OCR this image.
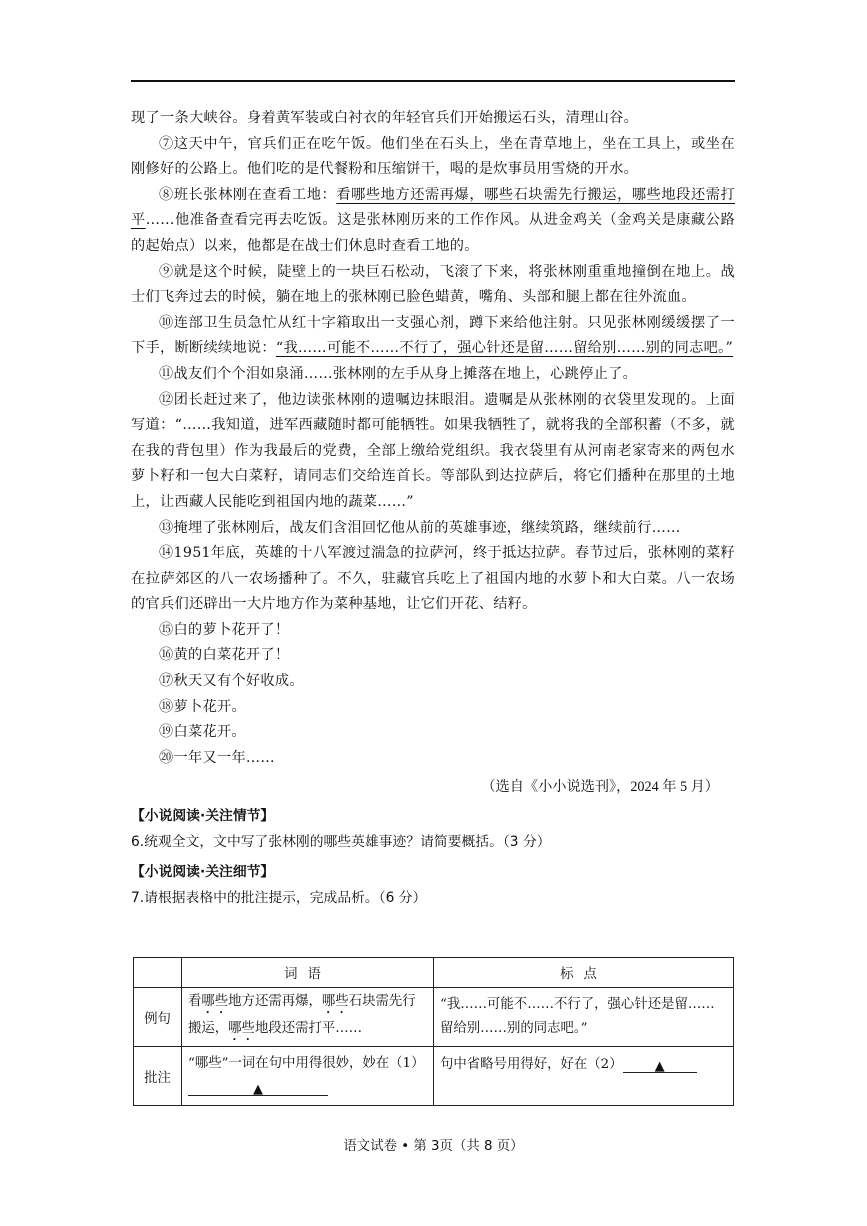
现了一条大峡谷。身着黄军装或白衬衣的年轻官兵们开始搬运石头，清理山谷。

⑦这天中午，官兵们正在吃午饭。他们坐在石头上，坐在青草地上，坐在工具上，或坐在刚修好的公路上。他们吃的是代餐粉和压缩饼干，喝的是炊事员用雪烧的开水。

⑧班长张林刚在查看工地：看哪些地方还需再爆，哪些石块需先行搬运，哪些地段还需打平……他准备查看完再去吃饭。这是张林刚历来的工作作风。从进金鸡关（金鸡关是康藏公路的起始点）以来，他都是在战士们休息时查看工地的。

⑨就是这个时候，陡壁上的一块巨石松动，飞滚了下来，将张林刚重重地撞倒在地上。战士们飞奔过去的时候，躺在地上的张林刚已脸色蜡黄，嘴角、头部和腿上都在往外流血。

⑩连部卫生员急忙从红十字箱取出一支强心剂，蹲下来给他注射。只见张林刚缓缓摆了一下手，断断续续地说：“我……可能不……不行了，强心针还是留……留给别……别的同志吧。”

⑪战友们个个泪如泉涌……张林刚的左手从身上摊落在地上，心跳停止了。

⑫团长赶过来了，他边读张林刚的遗嘱边抹眼泪。遗嘱是从张林刚的衣袋里发现的。上面写道：“……我知道，进军西藏随时都可能牺牲。如果我牺牲了，就将我的全部积蓄（不多，就在我的背包里）作为我最后的党费，全部上缴给党组织。我衣袋里有从河南老家寄来的两包水萝卜籽和一包大白菜籽，请同志们交给连首长。等部队到达拉萨后，将它们播种在那里的土地上，让西藏人民能吃到祖国内地的蔬菜……”

⑬掩埋了张林刚后，战友们含泪回忆他从前的英雄事迹，继续筑路，继续前行……

⑭1951年底，英雄的十八军渡过湍急的拉萨河，终于抵达拉萨。春节过后，张林刚的菜籽在拉萨郊区的八一农场播种了。不久，驻藏官兵吃上了祖国内地的水萝卜和大白菜。八一农场的官兵们还辟出一大片地方作为菜种基地，让它们开花、结籽。

⑮白的萝卜花开了！

⑯黄的白菜花开了！

⑰秋天又有个好收成。

⑱萝卜花开。

⑲白菜花开。

⑳一年又一年……

（选自《小小说选刊》，2024 年 5 月）
【小说阅读·关注情节】
6.统观全文，文中写了张林刚的哪些英雄事迹？请简要概括。（3 分）
【小说阅读·关注细节】
7.请根据表格中的批注提示，完成品析。（6 分）
	词语	标点
例句	看哪些地方还需再爆，哪些石块需先行搬运，哪些地段还需打平……	“我……可能不……不行了，强心针还是留……留给别……别的同志吧。”
批注	“哪些”一词在句中用得很妙，妙在（1）▲	句中省略号用得好，好在（2） ▲
语文试卷 • 第 3页（共 8 页）
